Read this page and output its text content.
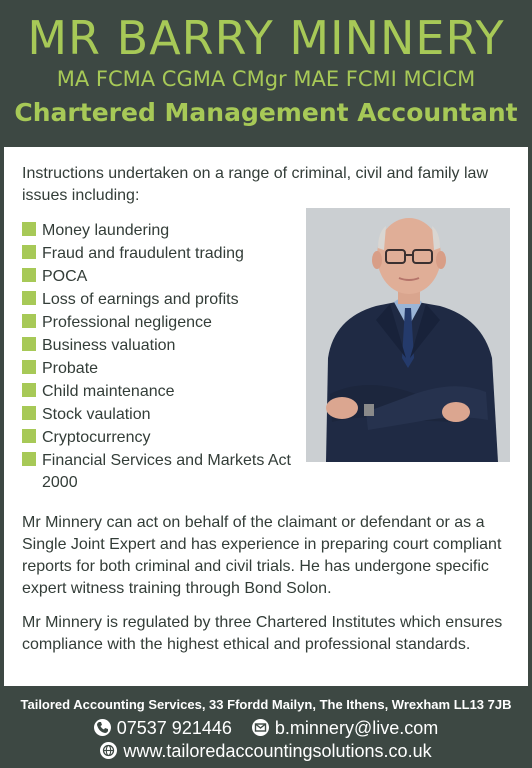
MR BARRY MINNERY
MA FCMA CGMA CMgr MAE FCMI MCICM
Chartered Management Accountant
Instructions undertaken on a range of criminal, civil and family law issues including:
Money laundering
Fraud and fraudulent trading
POCA
Loss of earnings and profits
Professional negligence
Business valuation
Probate
Child maintenance
Stock vaulation
Cryptocurrency
Financial Services and Markets Act 2000
Mr Minnery can act on behalf of the claimant or defendant or as a Single Joint Expert and has experience in preparing court compliant reports for both criminal and civil trials. He has undergone specific expert witness training through Bond Solon.
Mr Minnery is regulated by three Chartered Institutes which ensures compliance with the highest ethical and professional standards.
Tailored Accounting Services, 33 Ffordd Mailyn, The Ithens, Wrexham LL13 7JB
07537 921446 b.minnery@live.com
www.tailoredaccountingsolutions.co.uk
